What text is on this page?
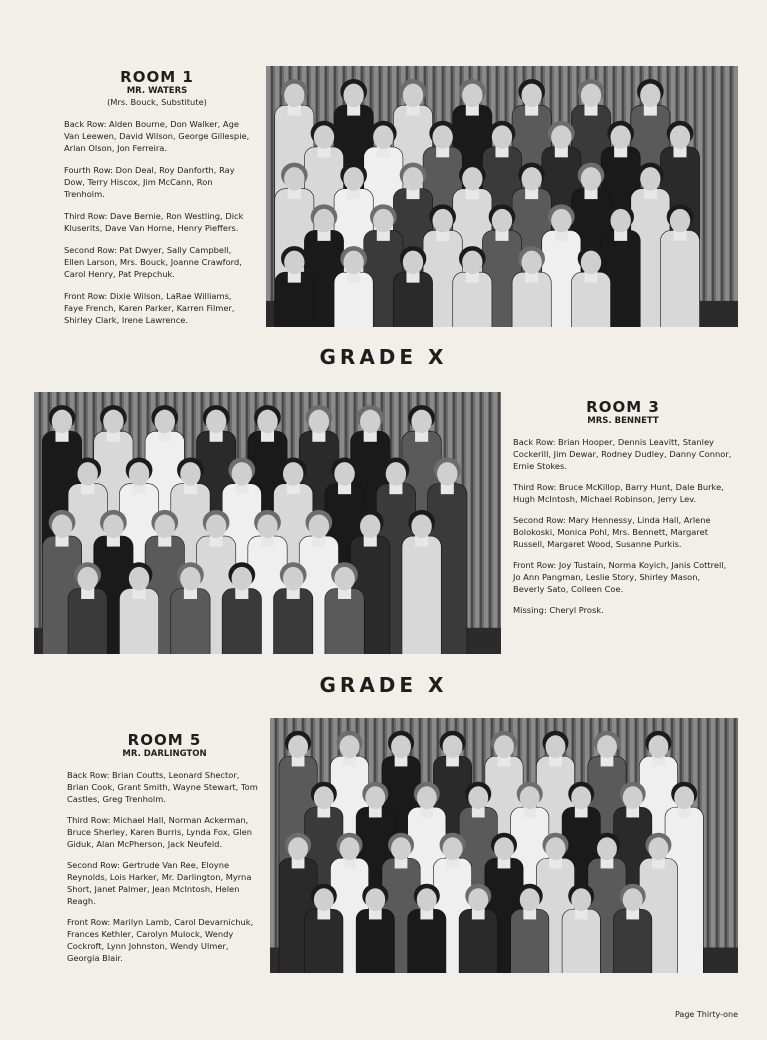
ROOM 1
MR. WATERS
(Mrs. Bouck, Substitute)

Back Row: Alden Bourne, Don Walker, Age Van Leewen, David Wilson, George Gillespie, Arlan Olson, Jon Ferreira.

Fourth Row: Don Deal, Roy Danforth, Ray Dow, Terry Hiscox, Jim McCann, Ron Trenholm.

Third Row: Dave Bernie, Ron Westling, Dick Kluserits, Dave Van Horne, Henry Pieffers.

Second Row: Pat Dwyer, Sally Campbell, Ellen Larson, Mrs. Bouck, Joanne Crawford, Carol Henry, Pat Prepchuk.

Front Row: Dixie Wilson, LaRae Williams, Faye French, Karen Parker, Karren Filmer, Shirley Clark, Irene Lawrence.

GRADE X
ROOM 3
MRS. BENNETT

Back Row: Brian Hooper, Dennis Leavitt, Stanley Cockerill, Jim Dewar, Rodney Dudley, Danny Connor, Ernie Stokes.

Third Row: Bruce McKillop, Barry Hunt, Dale Burke, Hugh McIntosh, Michael Robinson, Jerry Lev.

Second Row: Mary Hennessy, Linda Hall, Arlene Bolokoski, Monica Pohl, Mrs. Bennett, Margaret Russell, Margaret Wood, Susanne Purkis.

Front Row: Joy Tustain, Norma Koyich, Janis Cottrell, Jo Ann Pangman, Leslie Story, Shirley Mason, Beverly Sato, Colleen Coe.

Missing: Cheryl Prosk.

GRADE X
ROOM 5
MR. DARLINGTON

Back Row: Brian Coutts, Leonard Shector, Brian Cook, Grant Smith, Wayne Stewart, Tom Castles, Greg Trenholm.

Third Row: Michael Hall, Norman Ackerman, Bruce Sherley, Karen Burris, Lynda Fox, Glen Giduk, Alan McPherson, Jack Neufeld.

Second Row: Gertrude Van Ree, Eloyne Reynolds, Lois Harker, Mr. Darlington, Myrna Short, Janet Palmer, Jean McIntosh, Helen Reagh.

Front Row: Marilyn Lamb, Carol Devarnichuk, Frances Kethler, Carolyn Mulock, Wendy Cockroft, Lynn Johnston, Wendy Ulmer, Georgia Blair.

Page Thirty-one
